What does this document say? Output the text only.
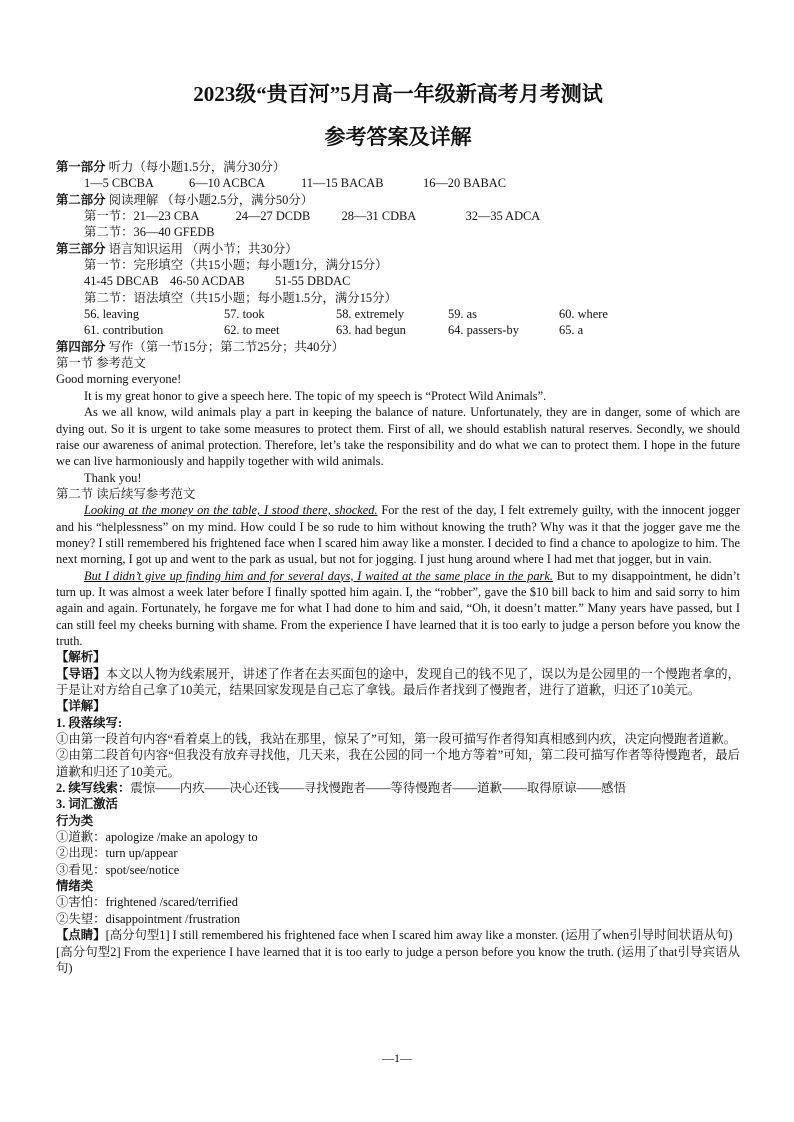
2023级“贵百河”5月高一年级新高考月考测试
参考答案及详解
第一部分 听力（每小题1.5分，满分30分）
1—5 CBCBA	6—10 ACBCA	11—15 BACAB	16—20 BABAC
第二部分 阅读理解 （每小题2.5分，满分50分）
第一节： 21—23 CBA	24—27 DCDB	28—31 CDBA	32—35 ADCA
第二节：36—40 GFEDB
第三部分 语言知识运用 （两小节；共30分）
第一节：完形填空（共15小题；每小题1分，满分15分）
41-45 DBCAB 46-50 ACDAB	51-55 DBDAC
第二节：语法填空（共15小题；每小题1.5分，满分15分）
56. leaving	57. took	58. extremely	59. as	60. where
61. contribution	62. to meet	63. had begun	64. passers-by	65. a
第四部分 写作（第一节15分；第二节25分；共40分）
第一节 参考范文
Good morning everyone!

It is my great honor to give a speech here. The topic of my speech is “Protect Wild Animals”.

As we all know, wild animals play a part in keeping the balance of nature. Unfortunately, they are in danger, some of which are dying out. So it is urgent to take some measures to protect them. First of all, we should establish natural reserves. Secondly, we should raise our awareness of animal protection. Therefore, let’s take the responsibility and do what we can to protect them. I hope in the future we can live harmoniously and happily together with wild animals.

Thank you!

第二节 读后续写参考范文

Looking at the money on the table, I stood there, shocked. For the rest of the day, I felt extremely guilty, with the innocent jogger and his “helplessness” on my mind. How could I be so rude to him without knowing the truth? Why was it that the jogger gave me the money? I still remembered his frightened face when I scared him away like a monster. I decided to find a chance to apologize to him. The next morning, I got up and went to the park as usual, but not for jogging. I just hung around where I had met that jogger, but in vain.

But I didn’t give up finding him and for several days, I waited at the same place in the park. But to my disappointment, he didn’t turn up. It was almost a week later before I finally spotted him again. I, the “robber”, gave the $10 bill back to him and said sorry to him again and again. Fortunately, he forgave me for what I had done to him and said, “Oh, it doesn’t matter.” Many years have passed, but I can still feel my cheeks burning with shame. From the experience I have learned that it is too early to judge a person before you know the truth.

【解析】

【导语】本文以人物为线索展开，讲述了作者在去买面包的途中，发现自己的钱不见了，误以为是公园里的一个慢跑者拿的，于是让对方给自己拿了10美元，结果回家发现是自己忘了拿钱。最后作者找到了慢跑者，进行了道歉，归还了10美元。

【详解】
1. 段落续写:

①由第一段首句内容“看着桌上的钱，我站在那里，惊呆了”可知，第一段可描写作者得知真相感到内疚，决定向慢跑者道歉。

②由第二段首句内容“但我没有放弃寻找他，几天来，我在公园的同一个地方等着”可知，第二段可描写作者等待慢跑者，最后道歉和归还了10美元。

2. 续写线索：震惊——内疚——决心还钱——寻找慢跑者——等待慢跑者——道歉——取得原谅——感悟
3. 词汇激活
行为类
①道歉：apologize /make an apology to
②出现：turn up/appear
③看见：spot/see/notice
情绪类
①害怕：frightened /scared/terrified
②失望：disappointment /frustration

【点睛】[高分句型1] I still remembered his frightened face when I scared him away like a monster. (运用了when引导时间状语从句)

[高分句型2] From the experience I have learned that it is too early to judge a person before you know the truth. (运用了that引导宾语从句)

—1—
